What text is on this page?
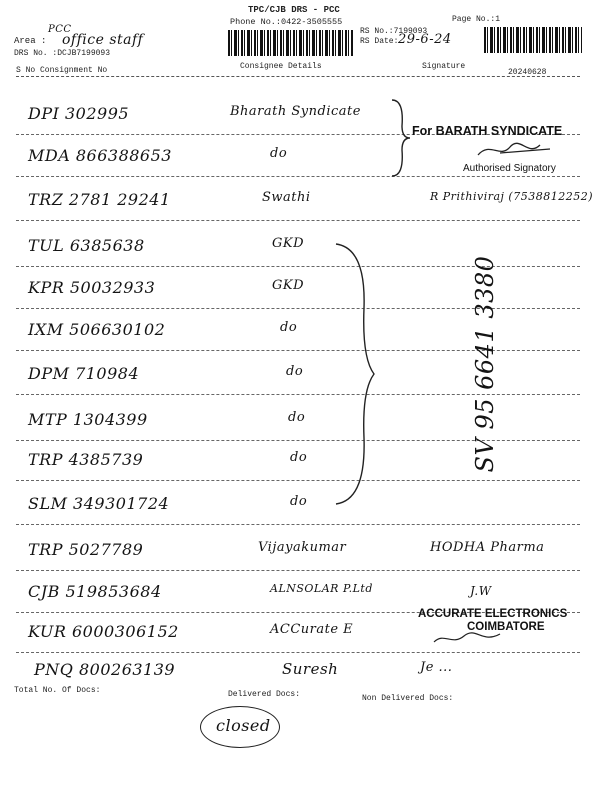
TPC/CJB DRS - PCC
Phone No.:0422-3505555
RS No.:7199093
RS Date: 29-6-24
Page No.:1
Area :
PCC
office staff
DRS No. :DCJB7199093
S No Consignment No	Consignee Details	Signature
20240628
DPI 302995	Bharath Syndicate
MDA 866388653	do
TRZ 2781 29241	Swathi	R Prithiviraj (7538812252)
TUL 6385638	GKD
KPR 50032933	GKD
IXM 506630102	do
DPM 710984	do
MTP 1304399	do
TRP 4385739	do
SLM 349301724	do
TRP 5027789	Vijayakumar	HODHA Pharma
CJB 519853684	ALNSOLAR P.Ltd	J.W
KUR 6000306152	ACCurate E
PNQ 800263139	Suresh	Je ...
For BARATH SYNDICATE
Authorised Signatory
ACCURATE ELECTRONICS
COIMBATORE
SV 95 6641 3380
Total No. Of Docs:	Delivered Docs:	Non Delivered Docs:
closed
